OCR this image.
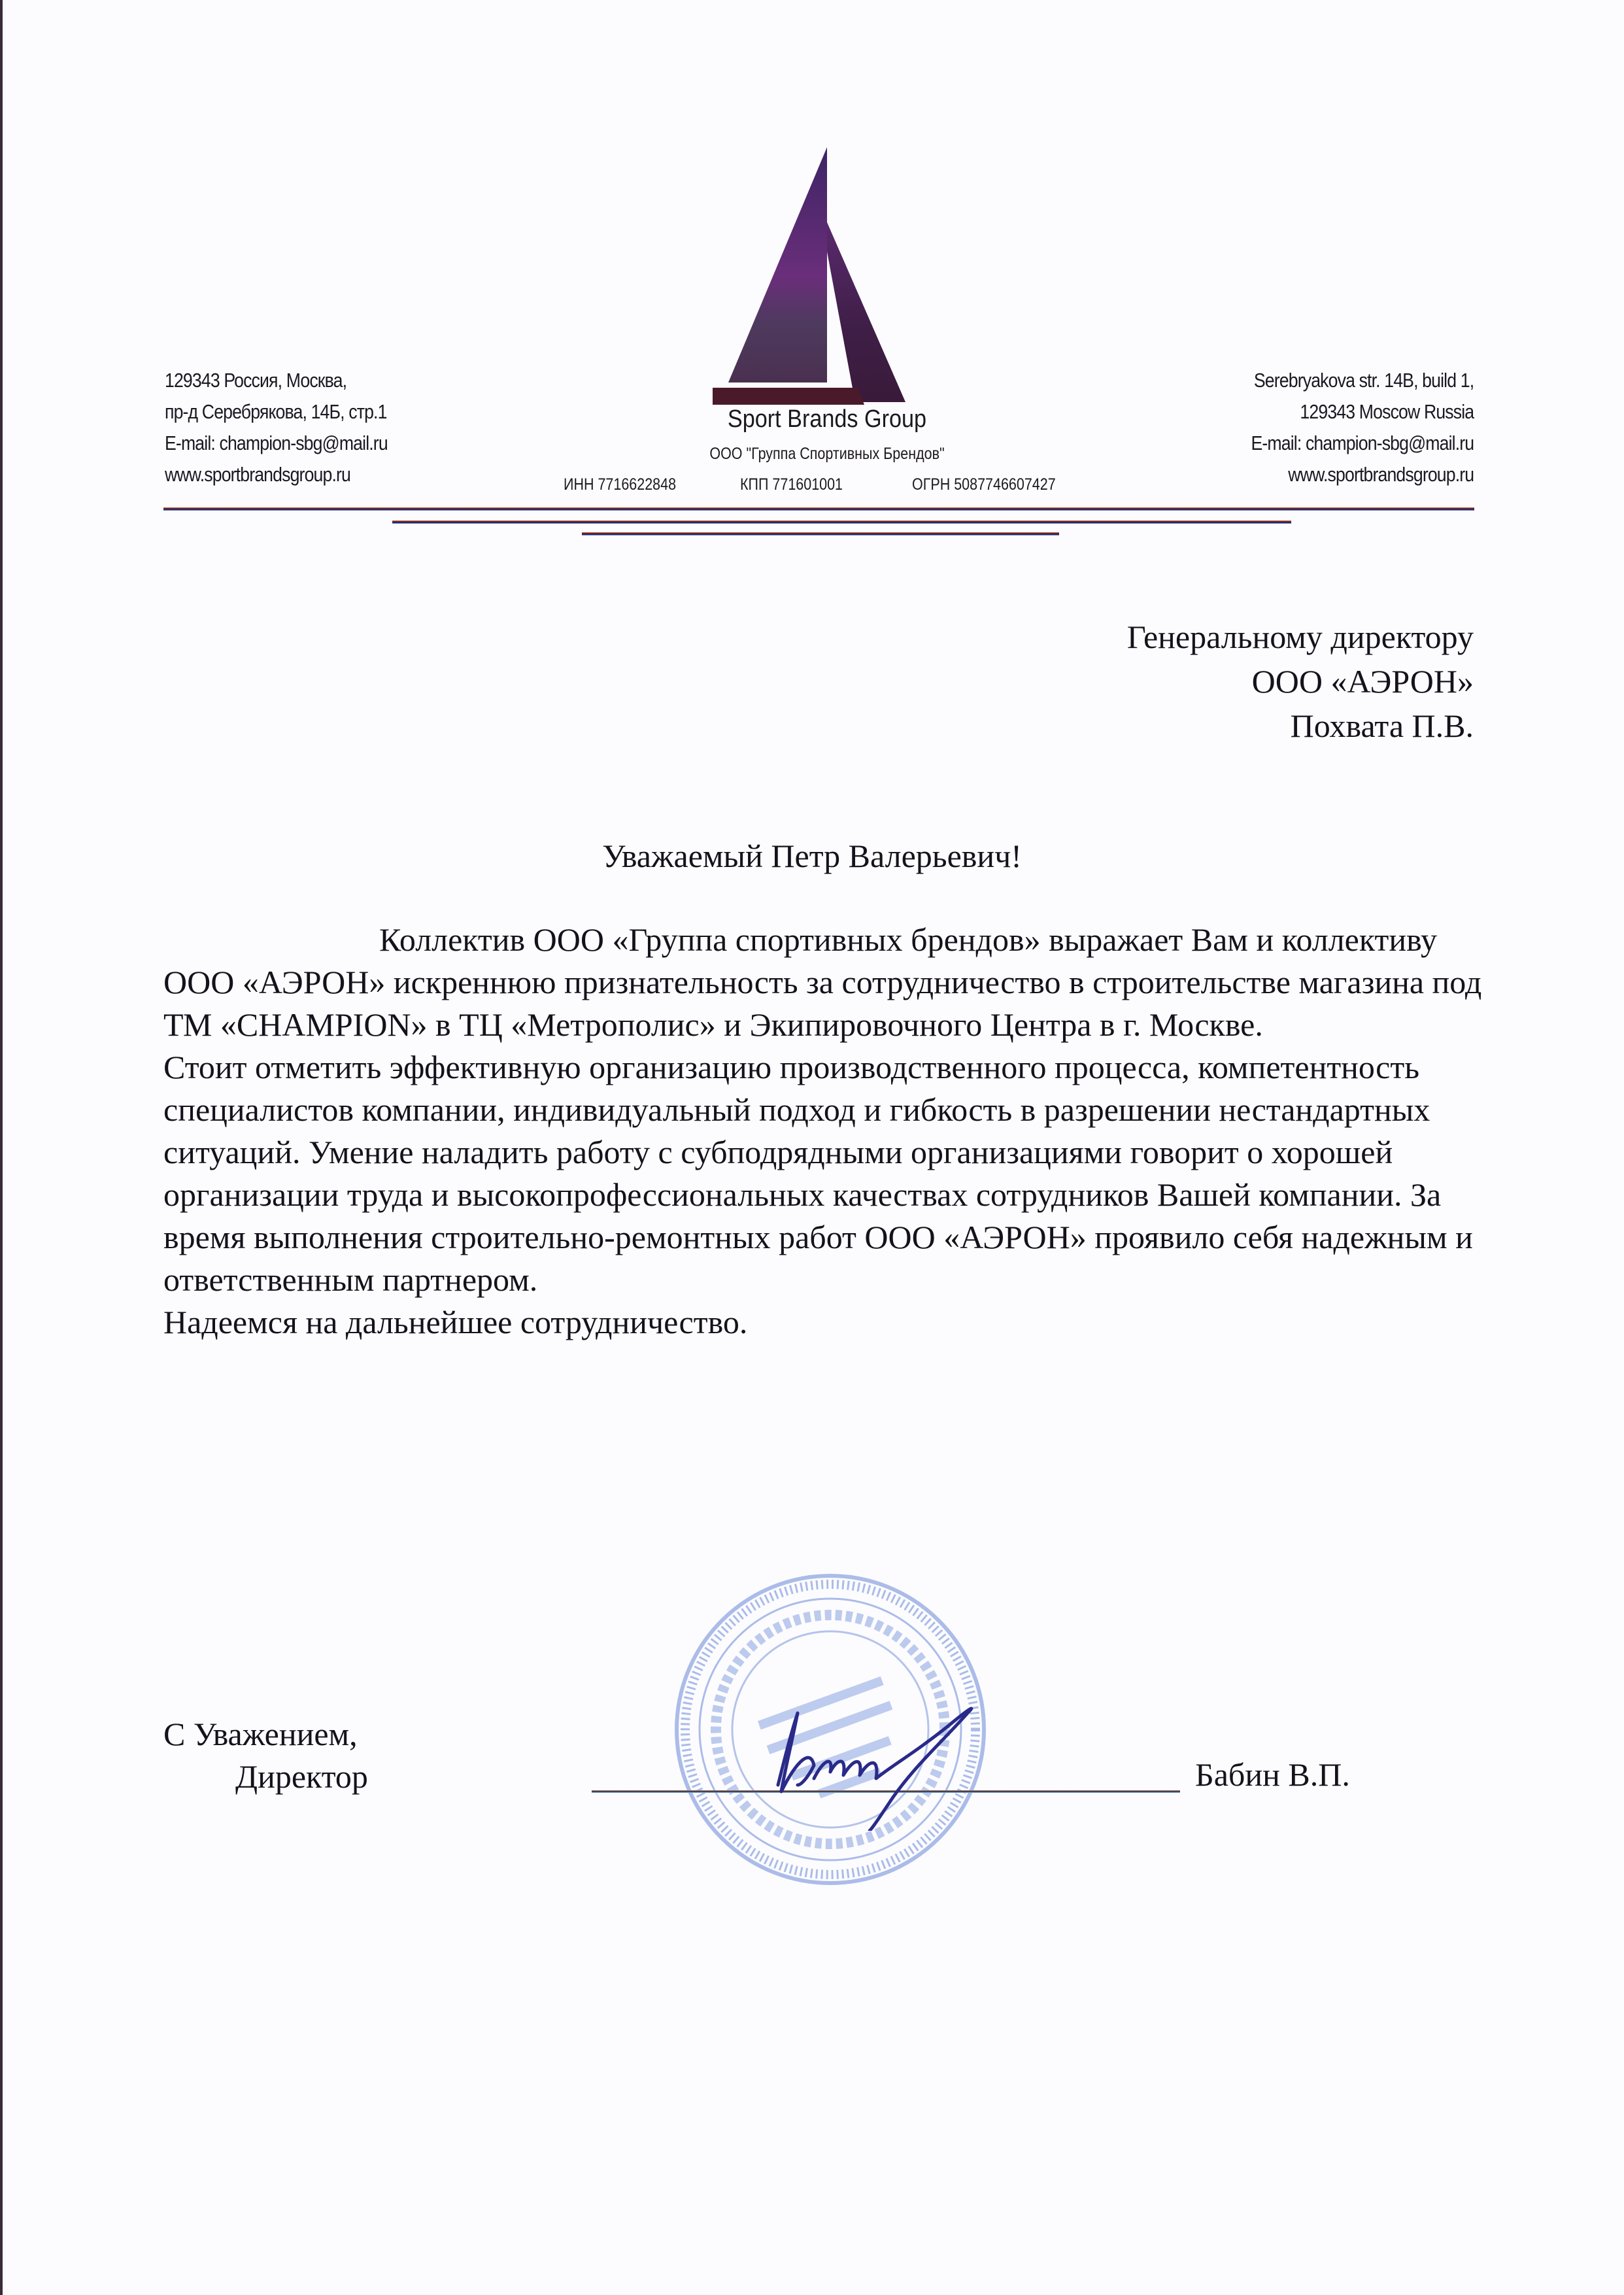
129343 Россия, Москва,
пр-д Серебрякова, 14Б, стр.1
E-mail: champion-sbg@mail.ru
www.sportbrandsgroup.ru
Sport Brands Group
ООО "Группа Спортивных Брендов"
ИНН 7716622848	КПП 771601001	ОГРН 5087746607427
Serebryakova str. 14B, build 1,
129343 Moscow Russia
E-mail: champion-sbg@mail.ru
www.sportbrandsgroup.ru
Генеральному директору
ООО «АЭРОН»
Похвата П.В.
Уважаемый Петр Валерьевич!

Коллектив ООО «Группа спортивных брендов» выражает Вам и коллективу ООО «АЭРОН» искреннюю признательность за сотрудничество в строительстве магазина под ТМ «CHAMPION» в ТЦ «Метрополис» и Экипировочного Центра в г. Москве.

Стоит отметить эффективную организацию производственного процесса, компетентность специалистов компании, индивидуальный подход и гибкость в разрешении нестандартных ситуаций. Умение наладить работу с субподрядными организациями говорит о хорошей организации труда и высокопрофессиональных качествах сотрудников Вашей компании. За время выполнения строительно-ремонтных работ ООО «АЭРОН» проявило себя надежным и ответственным партнером.

Надеемся на дальнейшее сотрудничество.

С Уважением,
Директор	Бабин В.П.
